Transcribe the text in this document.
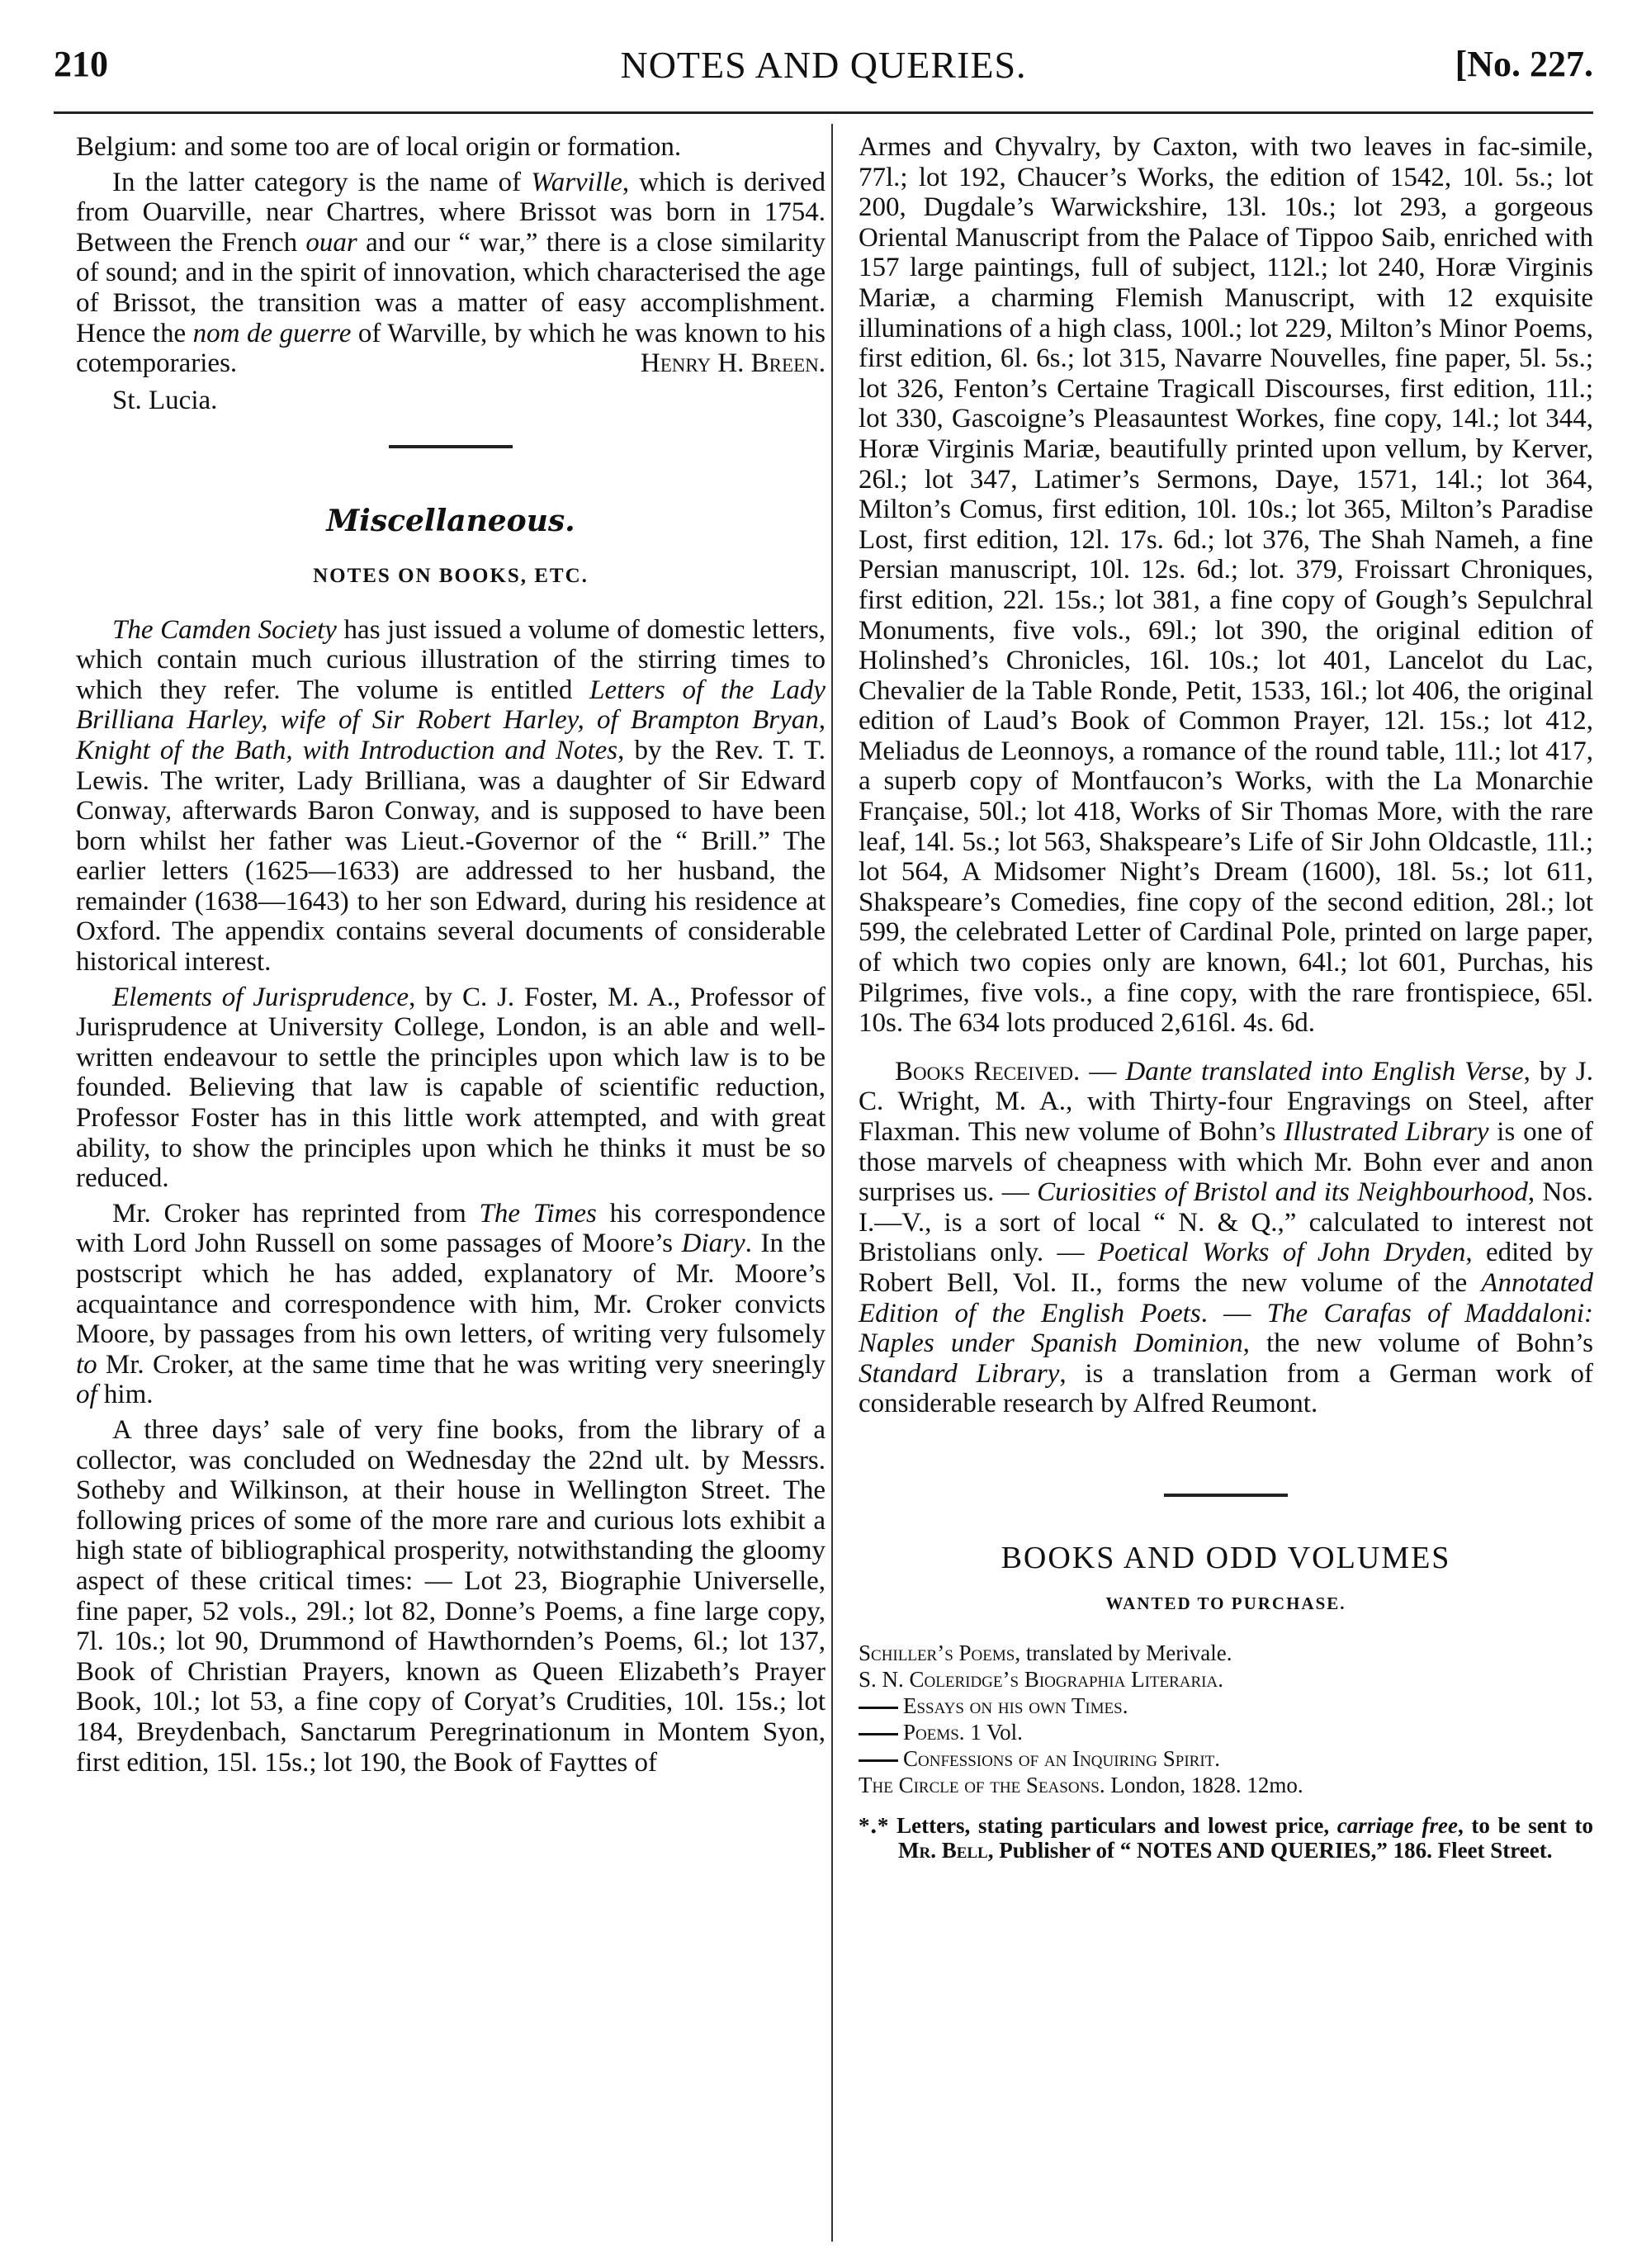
210	NOTES AND QUERIES.	[No. 227.

Belgium: and some too are of local origin or formation.

In the latter category is the name of Warville, which is derived from Ouarville, near Chartres, where Brissot was born in 1754. Between the French ouar and our “ war,” there is a close similarity of sound; and in the spirit of innovation, which characterised the age of Brissot, the transition was a matter of easy accomplishment. Hence the nom de guerre of Warville, by which he was known to his cotemporaries.	Henry H. Breen.

St. Lucia.

Miscellaneous.
NOTES ON BOOKS, ETC.

The Camden Society has just issued a volume of domestic letters, which contain much curious illustration of the stirring times to which they refer. The volume is entitled Letters of the Lady Brilliana Harley, wife of Sir Robert Harley, of Brampton Bryan, Knight of the Bath, with Introduction and Notes, by the Rev. T. T. Lewis. The writer, Lady Brilliana, was a daughter of Sir Edward Conway, afterwards Baron Conway, and is supposed to have been born whilst her father was Lieut.-Governor of the “ Brill.” The earlier letters (1625—1633) are addressed to her husband, the remainder (1638—1643) to her son Edward, during his residence at Oxford. The appendix contains several documents of considerable historical interest.

Elements of Jurisprudence, by C. J. Foster, M. A., Professor of Jurisprudence at University College, London, is an able and well-written endeavour to settle the principles upon which law is to be founded. Believing that law is capable of scientific reduction, Professor Foster has in this little work attempted, and with great ability, to show the principles upon which he thinks it must be so reduced.

Mr. Croker has reprinted from The Times his correspondence with Lord John Russell on some passages of Moore’s Diary. In the postscript which he has added, explanatory of Mr. Moore’s acquaintance and correspondence with him, Mr. Croker convicts Moore, by passages from his own letters, of writing very fulsomely to Mr. Croker, at the same time that he was writing very sneeringly of him.

A three days’ sale of very fine books, from the library of a collector, was concluded on Wednesday the 22nd ult. by Messrs. Sotheby and Wilkinson, at their house in Wellington Street. The following prices of some of the more rare and curious lots exhibit a high state of bibliographical prosperity, notwithstanding the gloomy aspect of these critical times: — Lot 23, Biographie Universelle, fine paper, 52 vols., 29l.; lot 82, Donne’s Poems, a fine large copy, 7l. 10s.; lot 90, Drummond of Hawthornden’s Poems, 6l.; lot 137, Book of Christian Prayers, known as Queen Elizabeth’s Prayer Book, 10l.; lot 53, a fine copy of Coryat’s Crudities, 10l. 15s.; lot 184, Breydenbach, Sanctarum Peregrinationum in Montem Syon, first edition, 15l. 15s.; lot 190, the Book of Fayttes of

Armes and Chyvalry, by Caxton, with two leaves in fac-simile, 77l.; lot 192, Chaucer’s Works, the edition of 1542, 10l. 5s.; lot 200, Dugdale’s Warwickshire, 13l. 10s.; lot 293, a gorgeous Oriental Manuscript from the Palace of Tippoo Saib, enriched with 157 large paintings, full of subject, 112l.; lot 240, Horæ Virginis Mariæ, a charming Flemish Manuscript, with 12 exquisite illuminations of a high class, 100l.; lot 229, Milton’s Minor Poems, first edition, 6l. 6s.; lot 315, Navarre Nouvelles, fine paper, 5l. 5s.; lot 326, Fenton’s Certaine Tragicall Discourses, first edition, 11l.; lot 330, Gascoigne’s Pleasauntest Workes, fine copy, 14l.; lot 344, Horæ Virginis Mariæ, beautifully printed upon vellum, by Kerver, 26l.; lot 347, Latimer’s Sermons, Daye, 1571, 14l.; lot 364, Milton’s Comus, first edition, 10l. 10s.; lot 365, Milton’s Paradise Lost, first edition, 12l. 17s. 6d.; lot 376, The Shah Nameh, a fine Persian manuscript, 10l. 12s. 6d.; lot. 379, Froissart Chroniques, first edition, 22l. 15s.; lot 381, a fine copy of Gough’s Sepulchral Monuments, five vols., 69l.; lot 390, the original edition of Holinshed’s Chronicles, 16l. 10s.; lot 401, Lancelot du Lac, Chevalier de la Table Ronde, Petit, 1533, 16l.; lot 406, the original edition of Laud’s Book of Common Prayer, 12l. 15s.; lot 412, Meliadus de Leonnoys, a romance of the round table, 11l.; lot 417, a superb copy of Montfaucon’s Works, with the La Monarchie Française, 50l.; lot 418, Works of Sir Thomas More, with the rare leaf, 14l. 5s.; lot 563, Shakspeare’s Life of Sir John Oldcastle, 11l.; lot 564, A Midsomer Night’s Dream (1600), 18l. 5s.; lot 611, Shakspeare’s Comedies, fine copy of the second edition, 28l.; lot 599, the celebrated Letter of Cardinal Pole, printed on large paper, of which two copies only are known, 64l.; lot 601, Purchas, his Pilgrimes, five vols., a fine copy, with the rare frontispiece, 65l. 10s. The 634 lots produced 2,616l. 4s. 6d.

Books Received. — Dante translated into English Verse, by J. C. Wright, M. A., with Thirty-four Engravings on Steel, after Flaxman. This new volume of Bohn’s Illustrated Library is one of those marvels of cheapness with which Mr. Bohn ever and anon surprises us. — Curiosities of Bristol and its Neighbourhood, Nos. I.—V., is a sort of local “ N. & Q.,” calculated to interest not Bristolians only. — Poetical Works of John Dryden, edited by Robert Bell, Vol. II., forms the new volume of the Annotated Edition of the English Poets. — The Carafas of Maddaloni: Naples under Spanish Dominion, the new volume of Bohn’s Standard Library, is a translation from a German work of considerable research by Alfred Reumont.

BOOKS AND ODD VOLUMES
WANTED TO PURCHASE.
Schiller’s Poems, translated by Merivale.
S. N. Coleridge’s Biographia Literaria.
Essays on his own Times.
Poems. 1 Vol.
Confessions of an Inquiring Spirit.
The Circle of the Seasons. London, 1828. 12mo.
*․* Letters, stating particulars and lowest price, carriage free, to be sent to Mr. Bell, Publisher of “ NOTES AND QUERIES,” 186. Fleet Street.
